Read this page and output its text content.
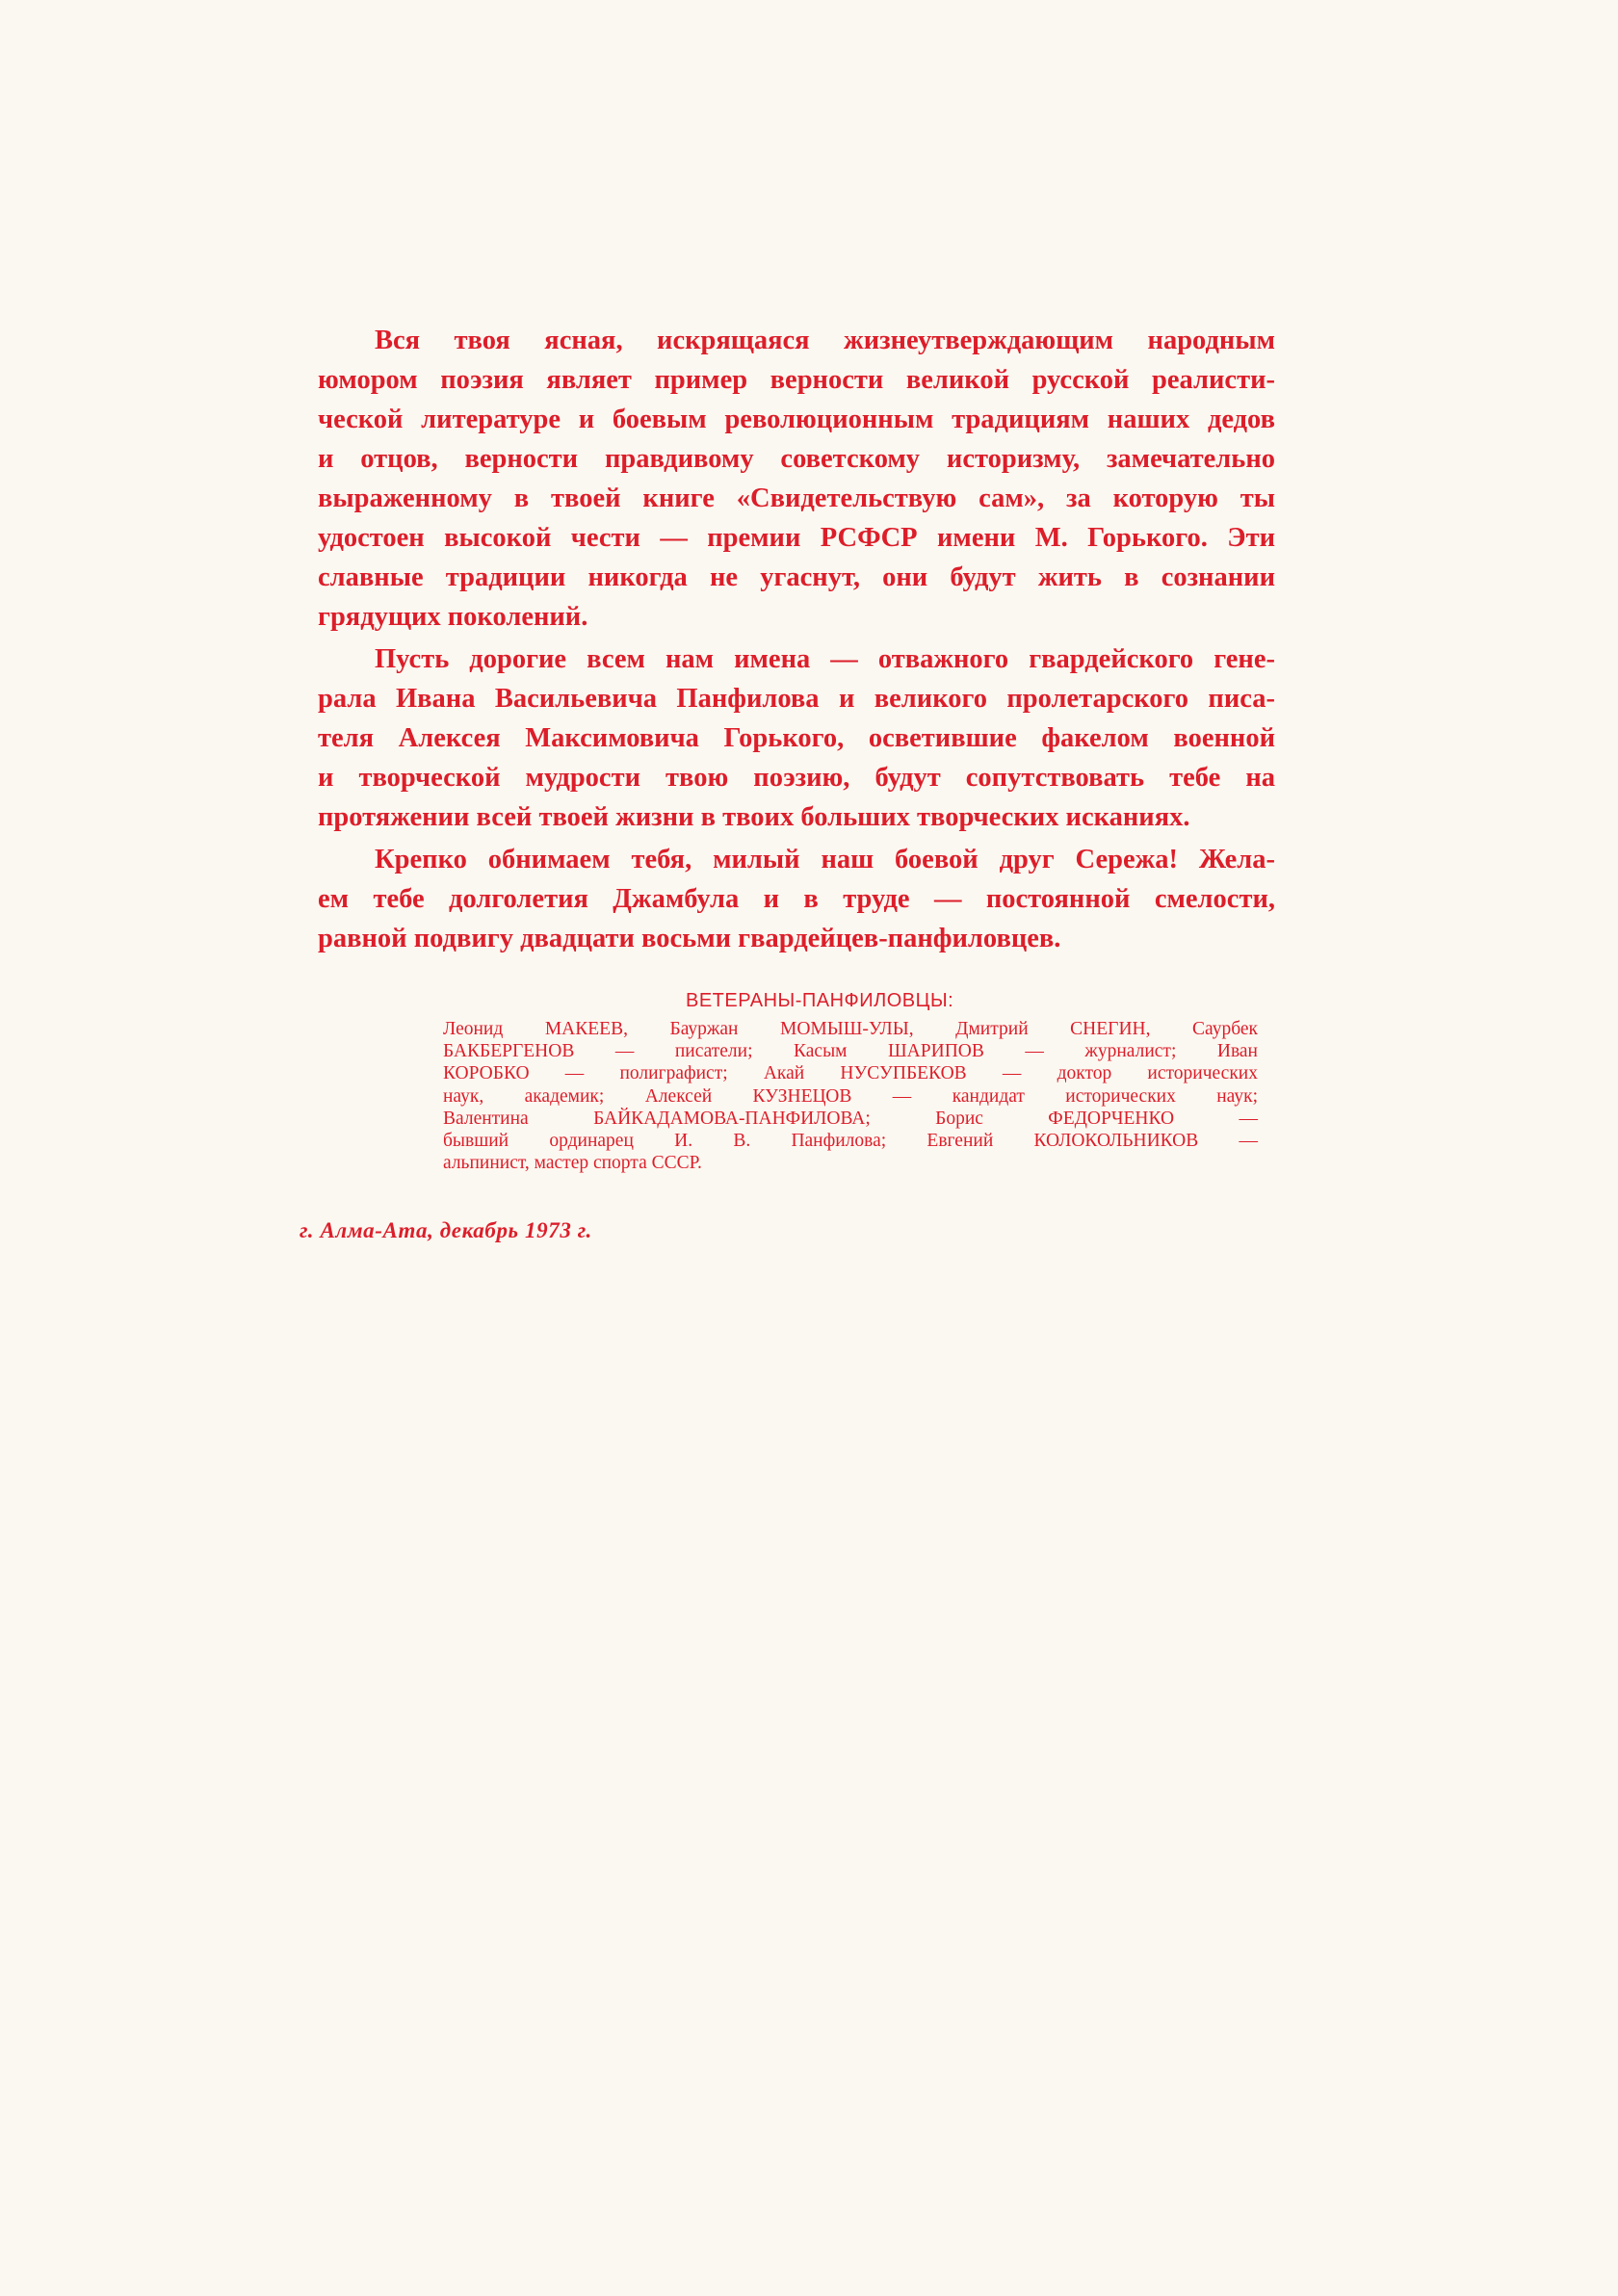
Вся твоя ясная, искрящаяся жизнеутверждающим народным
юмором поэзия являет пример верности великой русской реалисти-
ческой литературе и боевым революционным традициям наших дедов
и отцов, верности правдивому советскому историзму, замечательно
выраженному в твоей книге «Свидетельствую сам», за которую ты
удостоен высокой чести — премии РСФСР имени М. Горького. Эти
славные традиции никогда не угаснут, они будут жить в сознании
грядущих поколений.

Пусть дорогие всем нам имена — отважного гвардейского гене-
рала Ивана Васильевича Панфилова и великого пролетарского писа-
теля Алексея Максимовича Горького, осветившие факелом военной
и творческой мудрости твою поэзию, будут сопутствовать тебе на
протяжении всей твоей жизни в твоих больших творческих исканиях.

Крепко обнимаем тебя, милый наш боевой друг Сережа! Жела-
ем тебе долголетия Джамбула и в труде — постоянной смелости,
равной подвигу двадцати восьми гвардейцев-панфиловцев.

ВЕТЕРАНЫ-ПАНФИЛОВЦЫ:

Леонид МАКЕЕВ, Бауржан МОМЫШ-УЛЫ, Дмитрий СНЕГИН, Саурбек
БАКБЕРГЕНОВ — писатели; Касым ШАРИПОВ — журналист; Иван
КОРОБКО — полиграфист; Акай НУСУПБЕКОВ — доктор исторических
наук, академик; Алексей КУЗНЕЦОВ — кандидат исторических наук;
Валентина БАЙКАДАМОВА-ПАНФИЛОВА; Борис ФЕДОРЧЕНКО —
бывший ординарец И. В. Панфилова; Евгений КОЛОКОЛЬНИКОВ —
альпинист, мастер спорта СССР.

г. Алма-Ата, декабрь 1973 г.
